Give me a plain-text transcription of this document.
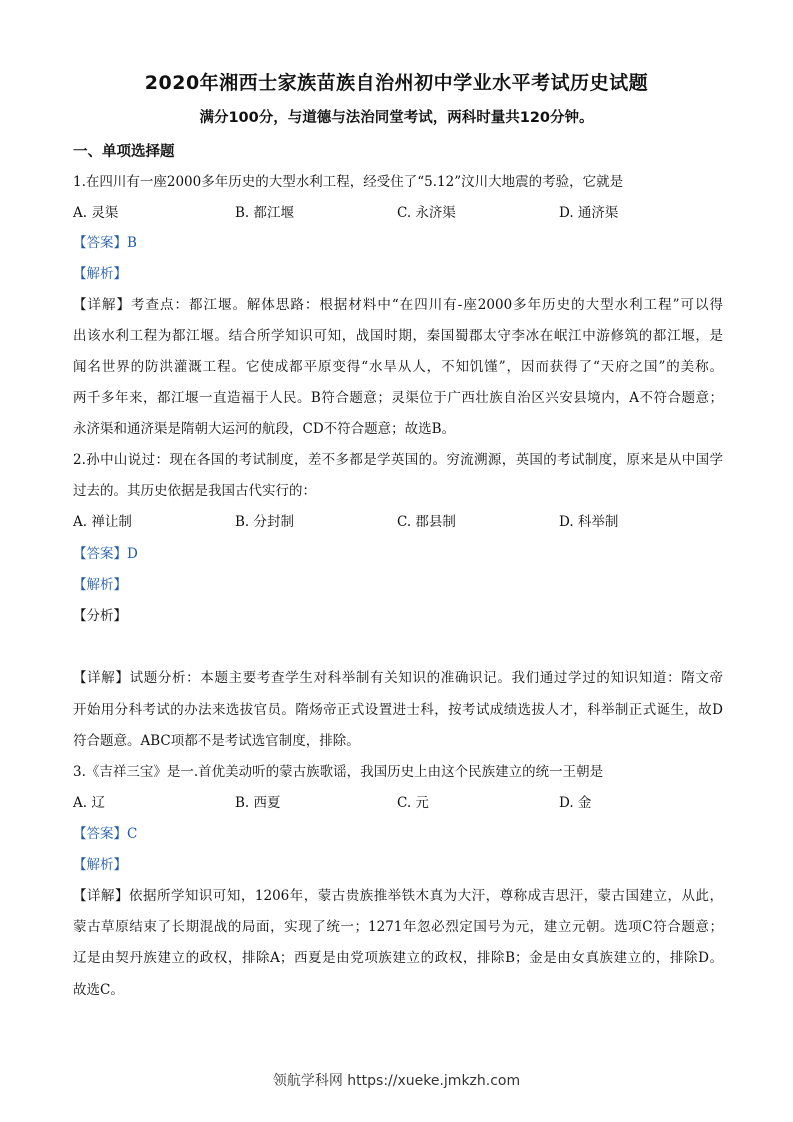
2020年湘西士家族苗族自治州初中学业水平考试历史试题
满分100分，与道德与法治同堂考试，两科时量共120分钟。
一、单项选择题
1.在四川有一座2000多年历史的大型水利工程，经受住了“5.12”汶川大地震的考验，它就是
A. 灵渠	B. 都江堰	C. 永济渠	D. 通济渠
【答案】B
【解析】
【详解】考查点：都江堰。解体思路：根据材料中“在四川有-座2000多年历史的大型水利工程”可以得
出该水利工程为都江堰。结合所学知识可知，战国时期，秦国蜀郡太守李冰在岷江中游修筑的都江堰，是
闻名世界的防洪灌溉工程。它使成都平原变得“水旱从人，不知饥馑”，因而获得了“天府之国”的美称。
两千多年来，都江堰一直造福于人民。B符合题意；灵渠位于广西壮族自治区兴安县境内，A不符合题意；
永济渠和通济渠是隋朝大运河的航段，CD不符合题意；故选B。
2.孙中山说过：现在各国的考试制度，差不多都是学英国的。穷流溯源，英国的考试制度，原来是从中国学
过去的。其历史依据是我国古代实行的：
A. 禅让制	B. 分封制	C. 郡县制	D. 科举制
【答案】D
【解析】
【分析】
【详解】试题分析：本题主要考查学生对科举制有关知识的准确识记。我们通过学过的知识知道：隋文帝
开始用分科考试的办法来选拔官员。隋炀帝正式设置进士科，按考试成绩选拔人才，科举制正式诞生，故D
符合题意。ABC项都不是考试选官制度，排除。
3.《吉祥三宝》是一.首优美动听的蒙古族歌谣，我国历史上由这个民族建立的统一王朝是
A. 辽	B. 西夏	C. 元	D. 金
【答案】C
【解析】
【详解】依据所学知识可知，1206年，蒙古贵族推举铁木真为大汗，尊称成吉思汗，蒙古国建立，从此，
蒙古草原结束了长期混战的局面，实现了统一；1271年忽必烈定国号为元，建立元朝。选项C符合题意；
辽是由契丹族建立的政权，排除A；西夏是由党项族建立的政权，排除B；金是由女真族建立的，排除D。
故选C。
领航学科网 https://xueke.jmkzh.com
